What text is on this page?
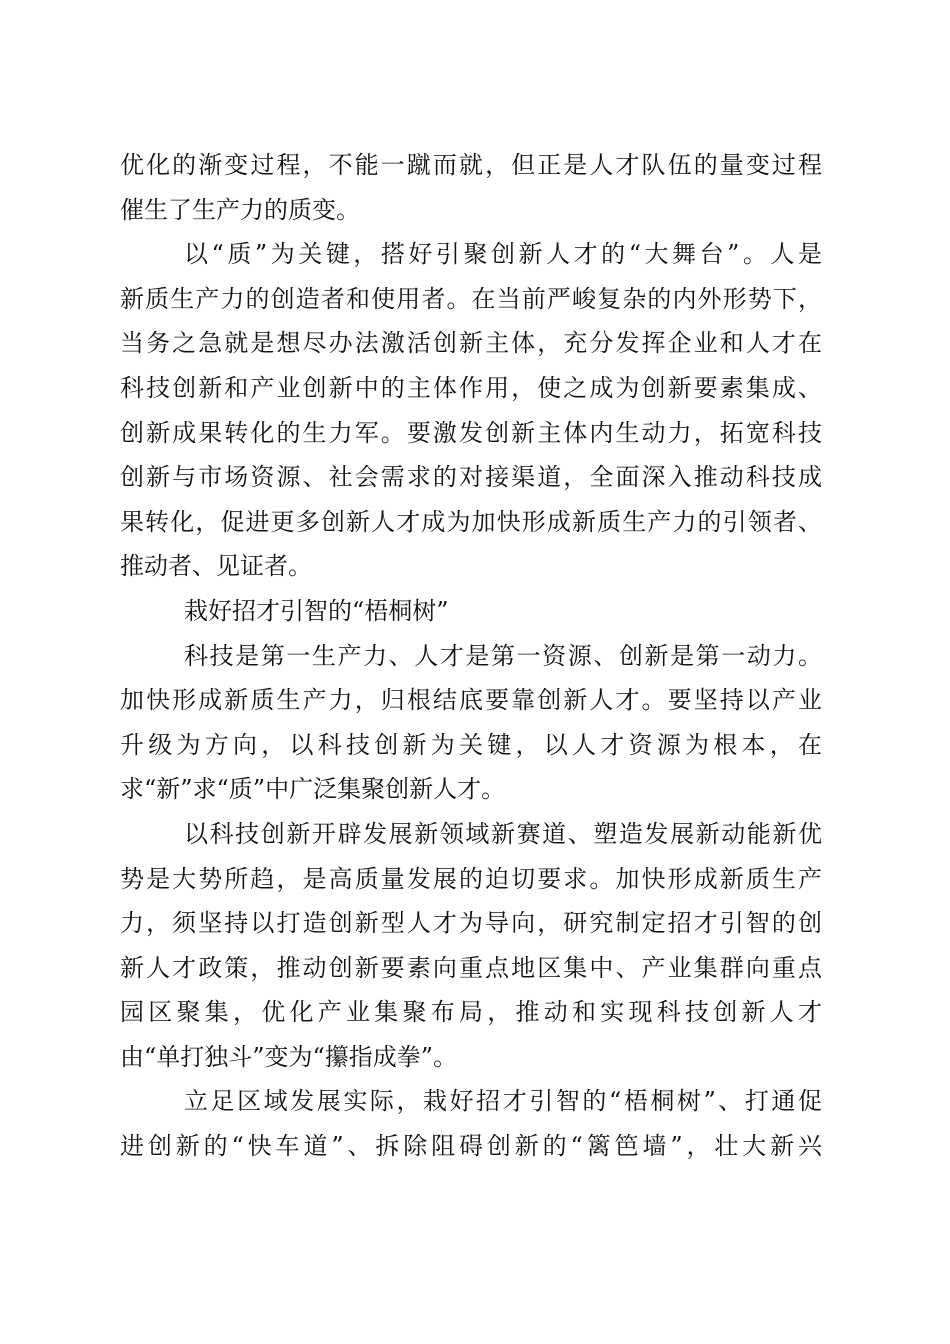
优化的渐变过程，不能一蹴而就，但正是人才队伍的量变过程
催生了生产力的质变。
以“质”为关键，搭好引聚创新人才的“大舞台”。人是
新质生产力的创造者和使用者。在当前严峻复杂的内外形势下，
当务之急就是想尽办法激活创新主体，充分发挥企业和人才在
科技创新和产业创新中的主体作用，使之成为创新要素集成、
创新成果转化的生力军。要激发创新主体内生动力，拓宽科技
创新与市场资源、社会需求的对接渠道，全面深入推动科技成
果转化，促进更多创新人才成为加快形成新质生产力的引领者、
推动者、见证者。
栽好招才引智的“梧桐树”
科技是第一生产力、人才是第一资源、创新是第一动力。
加快形成新质生产力，归根结底要靠创新人才。要坚持以产业
升级为方向，以科技创新为关键，以人才资源为根本，在
求“新”求“质”中广泛集聚创新人才。
以科技创新开辟发展新领域新赛道、塑造发展新动能新优
势是大势所趋，是高质量发展的迫切要求。加快形成新质生产
力，须坚持以打造创新型人才为导向，研究制定招才引智的创
新人才政策，推动创新要素向重点地区集中、产业集群向重点
园区聚集，优化产业集聚布局，推动和实现科技创新人才
由“单打独斗”变为“攥指成拳”。
立足区域发展实际，栽好招才引智的“梧桐树”、打通促
进创新的“快车道”、拆除阻碍创新的“篱笆墙”，壮大新兴
